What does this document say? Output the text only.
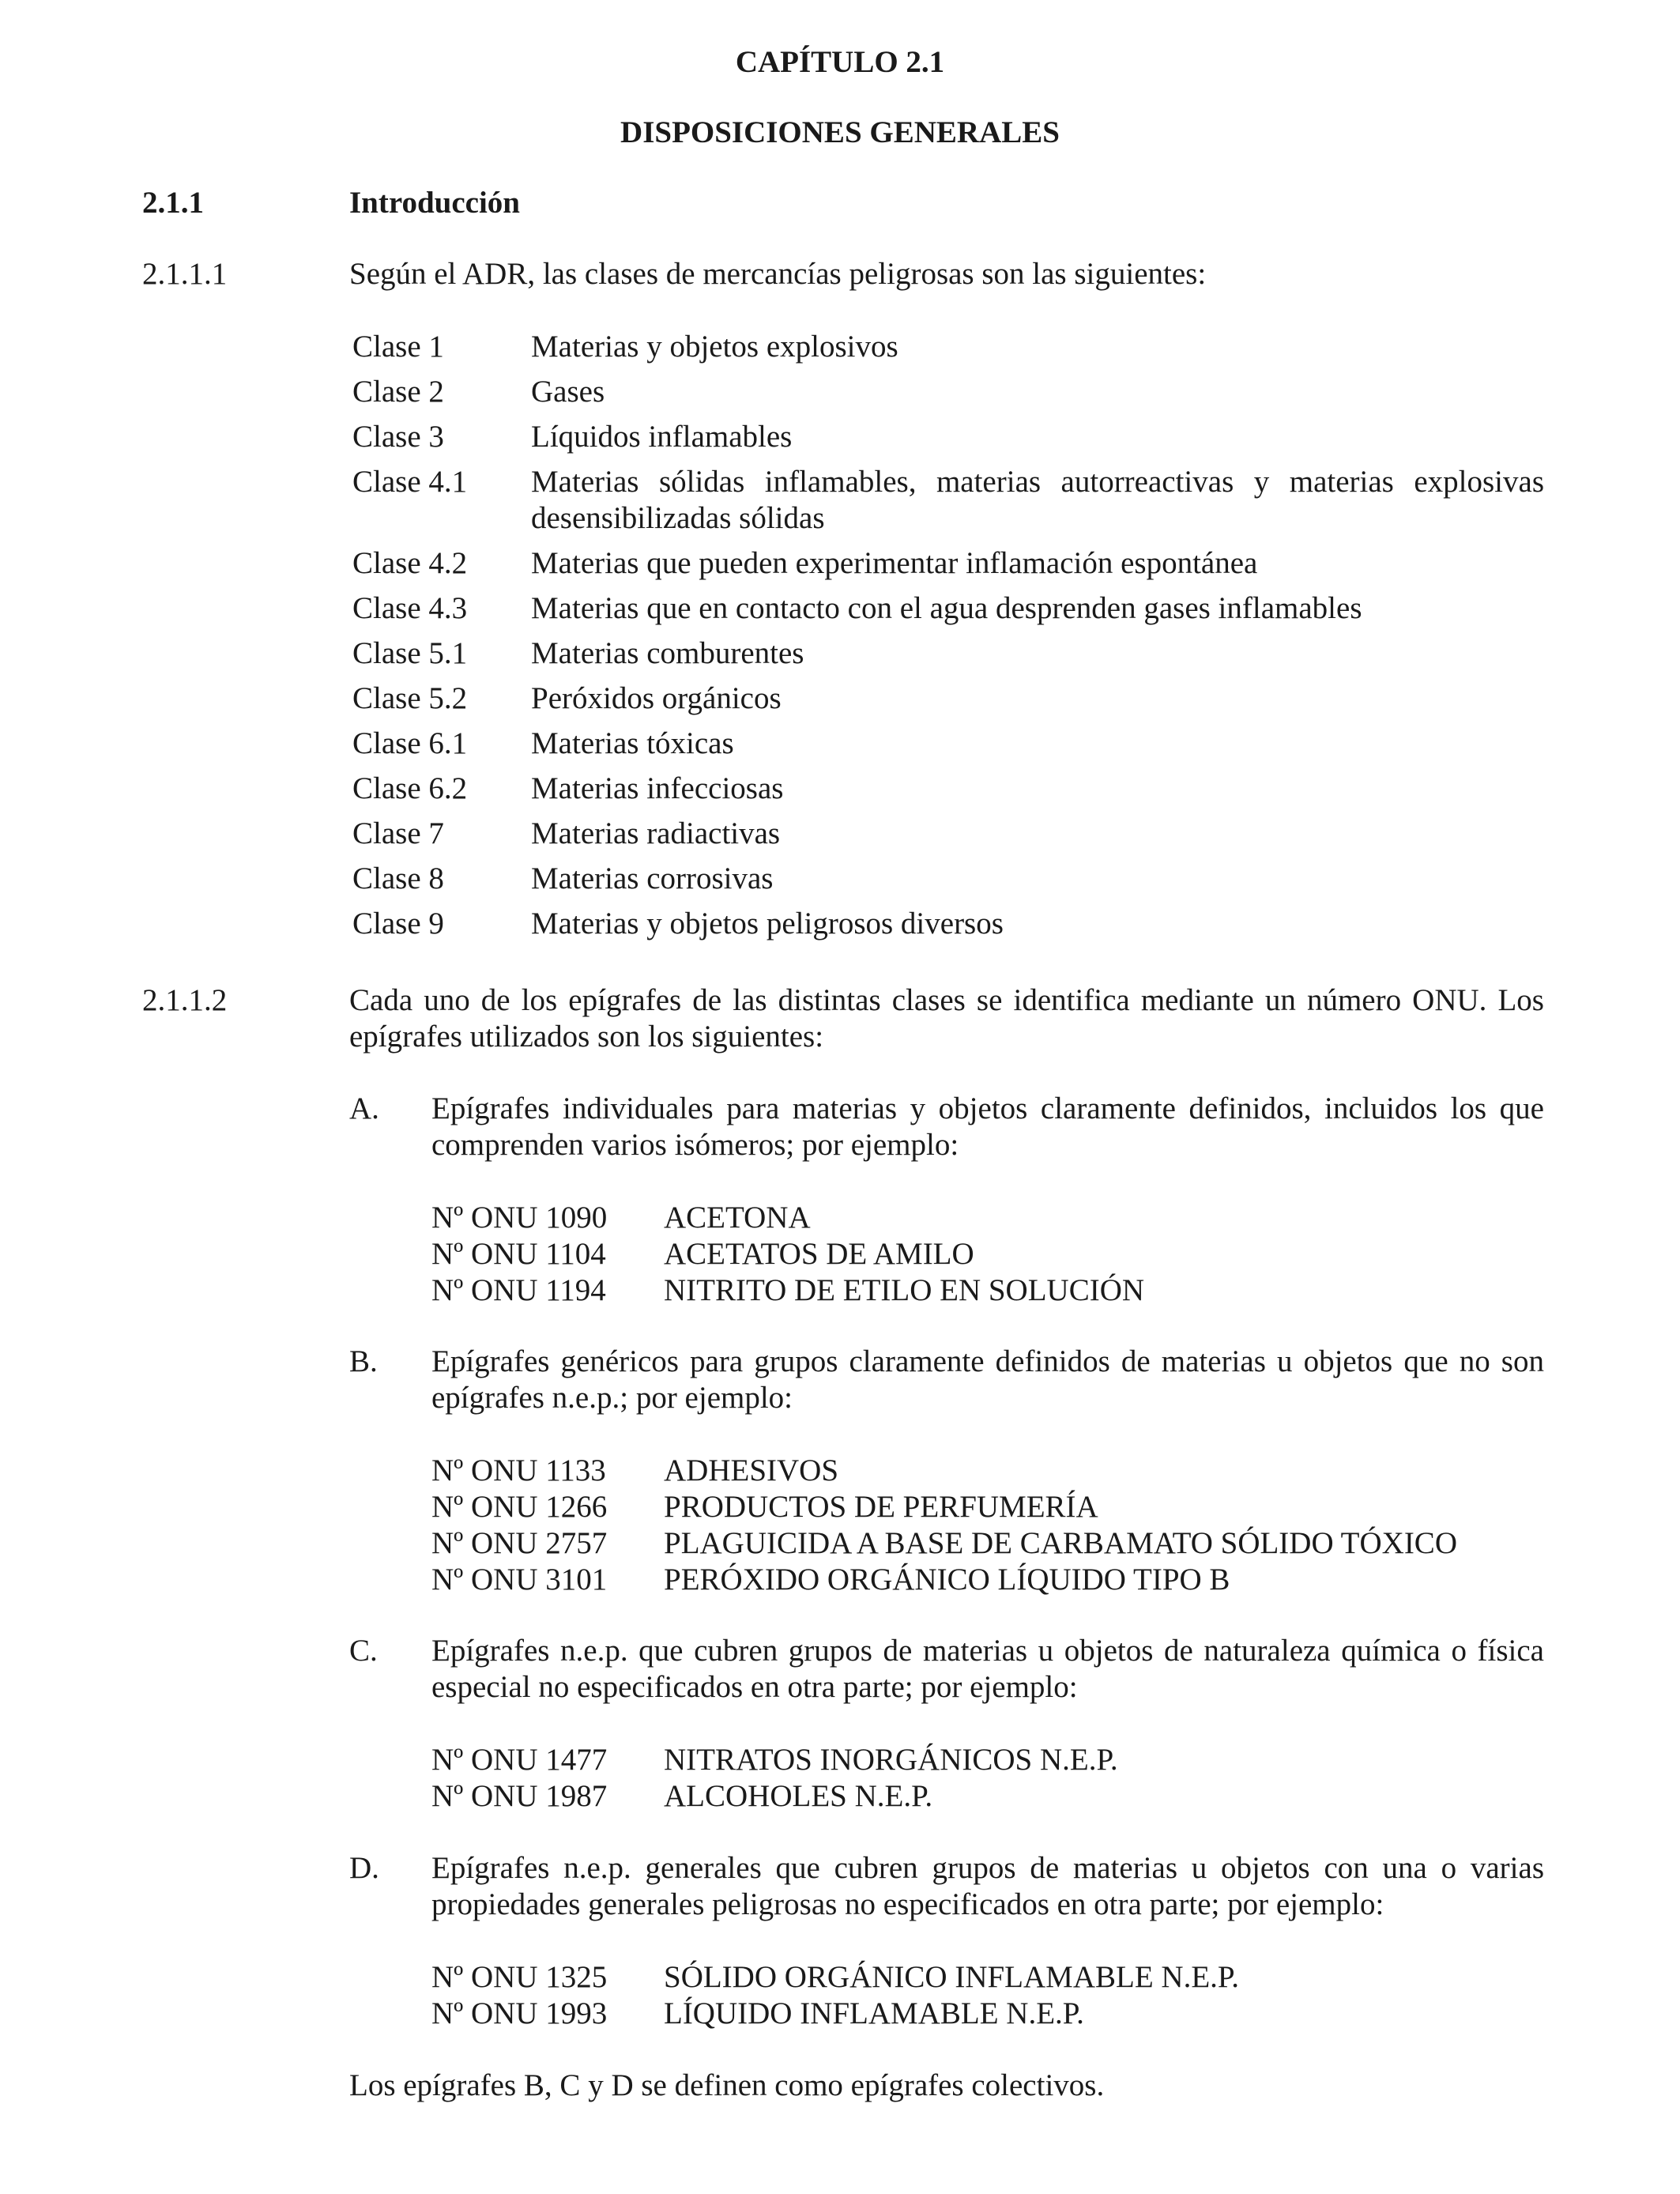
CAPÍTULO 2.1
DISPOSICIONES GENERALES

2.1.1	Introducción

2.1.1.1	Según el ADR, las clases de mercancías peligrosas son las siguientes:

Clase 1	Materias y objetos explosivos
Clase 2	Gases
Clase 3	Líquidos inflamables
Clase 4.1	Materias sólidas inflamables, materias autorreactivas y materias explosivas desensibilizadas sólidas
Clase 4.2	Materias que pueden experimentar inflamación espontánea
Clase 4.3	Materias que en contacto con el agua desprenden gases inflamables
Clase 5.1	Materias comburentes
Clase 5.2	Peróxidos orgánicos
Clase 6.1	Materias tóxicas
Clase 6.2	Materias infecciosas
Clase 7	Materias radiactivas
Clase 8	Materias corrosivas
Clase 9	Materias y objetos peligrosos diversos

2.1.1.2	Cada uno de los epígrafes de las distintas clases se identifica mediante un número ONU. Los epígrafes utilizados son los siguientes:

A. Epígrafes individuales para materias y objetos claramente definidos, incluidos los que comprenden varios isómeros; por ejemplo:

Nº ONU 1090	ACETONA
Nº ONU 1104	ACETATOS DE AMILO
Nº ONU 1194	NITRITO DE ETILO EN SOLUCIÓN
B. Epígrafes genéricos para grupos claramente definidos de materias u objetos que no son epígrafes n.e.p.; por ejemplo:

Nº ONU 1133	ADHESIVOS
Nº ONU 1266	PRODUCTOS DE PERFUMERÍA
Nº ONU 2757	PLAGUICIDA A BASE DE CARBAMATO SÓLIDO TÓXICO
Nº ONU 3101	PERÓXIDO ORGÁNICO LÍQUIDO TIPO B
C. Epígrafes n.e.p. que cubren grupos de materias u objetos de naturaleza química o física especial no especificados en otra parte; por ejemplo:

Nº ONU 1477	NITRATOS INORGÁNICOS N.E.P.
Nº ONU 1987	ALCOHOLES N.E.P.
D. Epígrafes n.e.p. generales que cubren grupos de materias u objetos con una o varias propiedades generales peligrosas no especificados en otra parte; por ejemplo:

Nº ONU 1325	SÓLIDO ORGÁNICO INFLAMABLE N.E.P.
Nº ONU 1993	LÍQUIDO INFLAMABLE N.E.P.

Los epígrafes B, C y D se definen como epígrafes colectivos.
